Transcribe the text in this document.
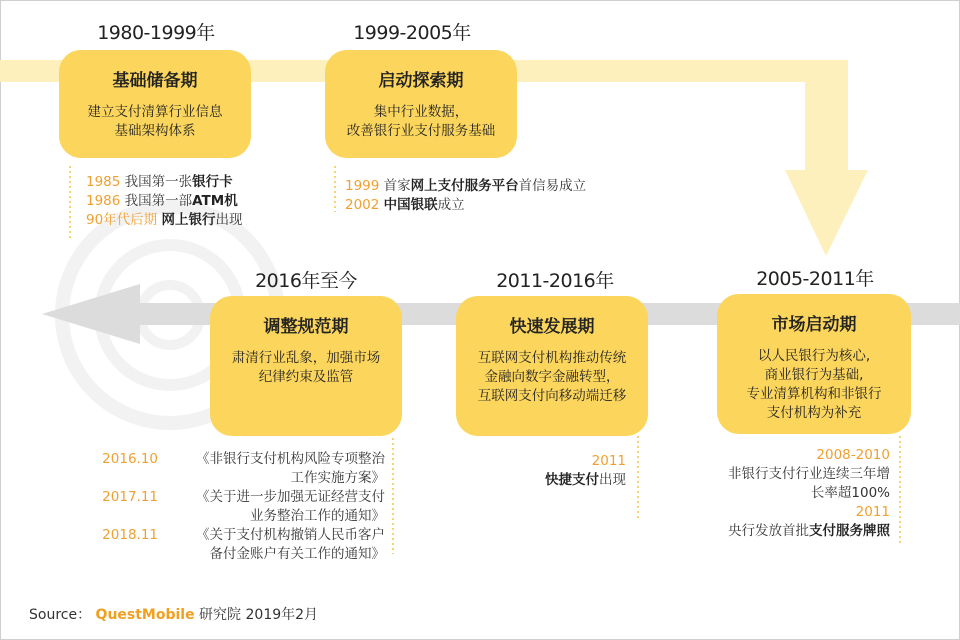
1980-1999年
基础储备期
建立支付清算行业信息
基础架构体系
1985 我国第一张银行卡
1986 我国第一部ATM机
90年代后期 网上银行出现
1999-2005年
启动探索期
集中行业数据，
改善银行业支付服务基础
1999 首家网上支付服务平台首信易成立
2002 中国银联成立
2005-2011年
市场启动期
以人民银行为核心,
商业银行为基础,
专业清算机构和非银行
支付机构为补充
2008-2010
非银行支付行业连续三年增
长率超100%
2011
央行发放首批支付服务牌照
2011-2016年
快速发展期
互联网支付机构推动传统
金融向数字金融转型，
互联网支付向移动端迁移
2011
快捷支付出现
2016年至今
调整规范期
肃清行业乱象，加强市场
纪律约束及监管
2016.10	《非银行支付机构风险专项整治
工作实施方案》
2017.11	《关于进一步加强无证经营支付
业务整治工作的通知》
2018.11	《关于支付机构撤销人民币客户
备付金账户有关工作的通知》
Source： QuestMobile 研究院 2019年2月
